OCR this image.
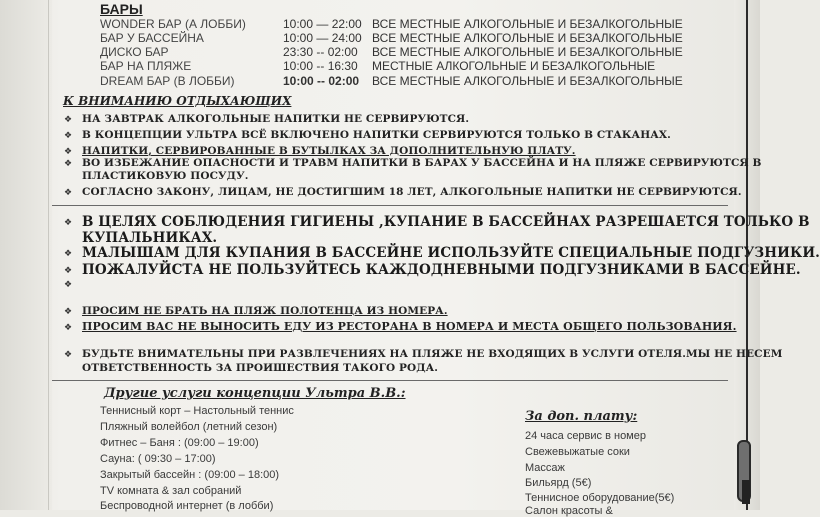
БАРЫ
WONDER БАР (А ЛОББИ)	10:00 — 22:00 ВСЕ МЕСТНЫЕ АЛКОГОЛЬНЫЕ И БЕЗАЛКОГОЛЬНЫЕ
БАР У БАССЕЙНА	10:00 — 24:00 ВСЕ МЕСТНЫЕ АЛКОГОЛЬНЫЕ И БЕЗАЛКОГОЛЬНЫЕ
ДИСКО БАР	23:30 -- 02:00 ВСЕ МЕСТНЫЕ АЛКОГОЛЬНЫЕ И БЕЗАЛКОГОЛЬНЫЕ
БАР НА ПЛЯЖЕ	10:00 -- 16:30 МЕСТНЫЕ АЛКОГОЛЬНЫЕ И БЕЗАЛКОГОЛЬНЫЕ
DREAM БАР (В ЛОББИ)	10:00 -- 02:00 ВСЕ МЕСТНЫЕ АЛКОГОЛЬНЫЕ И БЕЗАЛКОГОЛЬНЫЕ
К ВНИМАНИЮ ОТДЫХАЮЩИХ
❖ НА ЗАВТРАК АЛКОГОЛЬНЫЕ НАПИТКИ НЕ СЕРВИРУЮТСЯ.
❖ В КОНЦЕПЦИИ УЛЬТРА ВСЁ ВКЛЮЧЕНО НАПИТКИ СЕРВИРУЮТСЯ ТОЛЬКО В СТАКАНАХ.
❖ НАПИТКИ, СЕРВИРОВАННЫЕ В БУТЫЛКАХ ЗА ДОПОЛНИТЕЛЬНУЮ ПЛАТУ.
❖ ВО ИЗБЕЖАНИЕ ОПАСНОСТИ И ТРАВМ НАПИТКИ В БАРАХ У БАССЕЙНА И НА ПЛЯЖЕ СЕРВИРУЮТСЯ В
ПЛАСТИКОВУЮ ПОСУДУ.
❖ СОГЛАСНО ЗАКОНУ, ЛИЦАМ, НЕ ДОСТИГШИМ 18 ЛЕТ, АЛКОГОЛЬНЫЕ НАПИТКИ НЕ СЕРВИРУЮТСЯ.
❖ В ЦЕЛЯХ СОБЛЮДЕНИЯ ГИГИЕНЫ ,КУПАНИЕ В БАССЕЙНАХ РАЗРЕШАЕТСЯ ТОЛЬКО В
КУПАЛЬНИКАХ.
❖ МАЛЫШАМ ДЛЯ КУПАНИЯ В БАССЕЙНЕ ИСПОЛЬЗУЙТЕ СПЕЦИАЛЬНЫЕ ПОДГУЗНИКИ.
❖ ПОЖАЛУЙСТА НЕ ПОЛЬЗУЙТЕСЬ КАЖДОДНЕВНЫМИ ПОДГУЗНИКАМИ В БАССЕЙНЕ.
❖
❖ ПРОСИМ НЕ БРАТЬ НА ПЛЯЖ ПОЛОТЕНЦА ИЗ НОМЕРА.
❖ ПРОСИМ ВАС НЕ ВЫНОСИТЬ ЕДУ ИЗ РЕСТОРАНА В НОМЕРА И МЕСТА ОБЩЕГО ПОЛЬЗОВАНИЯ.
❖ БУДЬТЕ ВНИМАТЕЛЬНЫ ПРИ РАЗВЛЕЧЕНИЯХ НА ПЛЯЖЕ НЕ ВХОДЯЩИХ В УСЛУГИ ОТЕЛЯ.МЫ НЕ НЕСЕМ
ОТВЕТСТВЕННОСТЬ ЗА ПРОИШЕСТВИЯ ТАКОГО РОДА.
Другие услуги концепции Ультра В.В.:
Теннисный корт – Настольный теннис
Пляжный волейбол (летний сезон)
Фитнес – Баня : (09:00 – 19:00)
Сауна: ( 09:30 – 17:00)
Закрытый бассейн : (09:00 – 18:00)
TV комната & зал собраний
Беспроводной интернет (в лобби)
За доп. плату:
24 часа сервис в номер
Свежевыжатые соки
Массаж
Бильярд (5€)
Теннисное оборудование(5€)
Салон красоты &
